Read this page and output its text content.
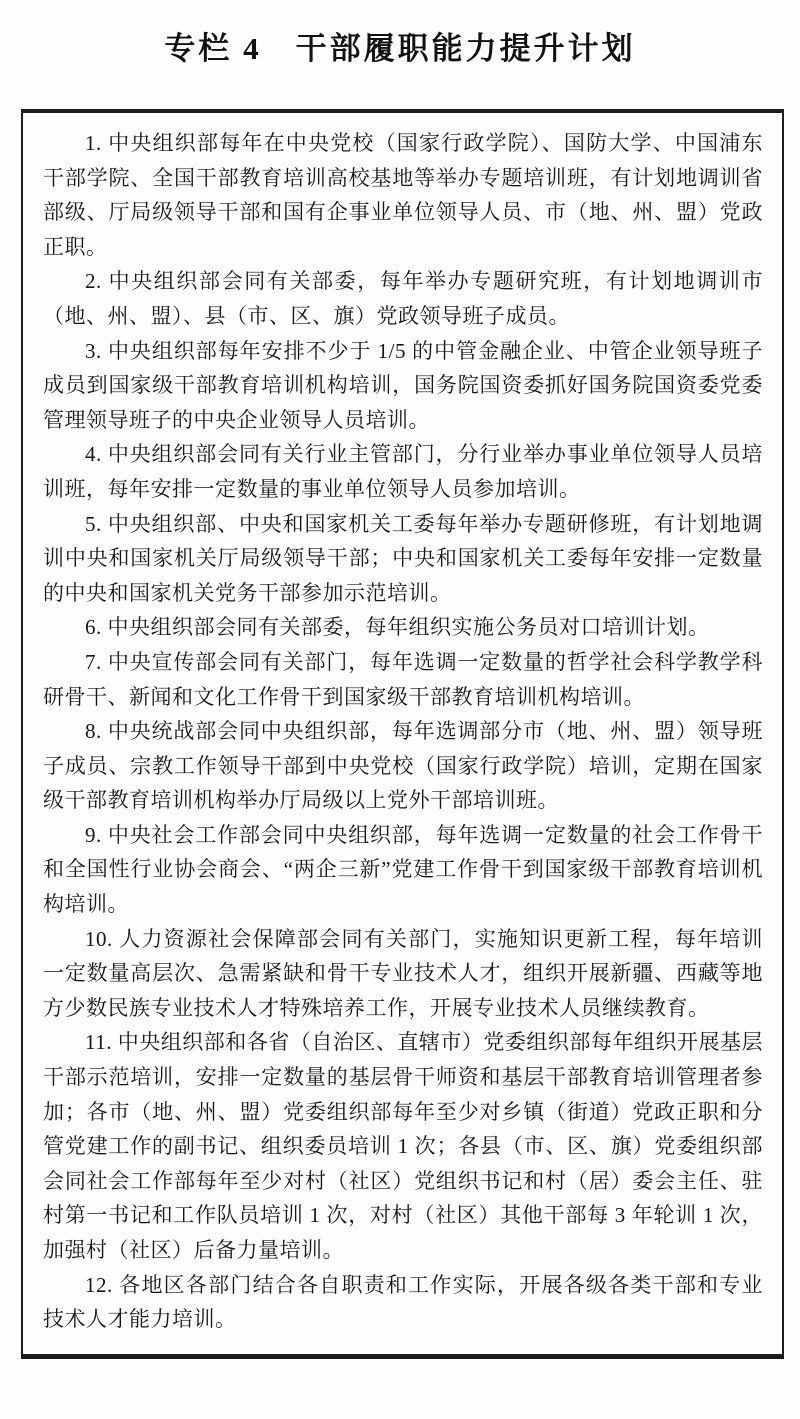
专栏 4　干部履职能力提升计划

1. 中央组织部每年在中央党校（国家行政学院）、国防大学、中国浦东干部学院、全国干部教育培训高校基地等举办专题培训班，有计划地调训省部级、厅局级领导干部和国有企事业单位领导人员、市（地、州、盟）党政正职。

2. 中央组织部会同有关部委，每年举办专题研究班，有计划地调训市（地、州、盟）、县（市、区、旗）党政领导班子成员。

3. 中央组织部每年安排不少于 1/5 的中管金融企业、中管企业领导班子成员到国家级干部教育培训机构培训，国务院国资委抓好国务院国资委党委管理领导班子的中央企业领导人员培训。

4. 中央组织部会同有关行业主管部门，分行业举办事业单位领导人员培训班，每年安排一定数量的事业单位领导人员参加培训。

5. 中央组织部、中央和国家机关工委每年举办专题研修班，有计划地调训中央和国家机关厅局级领导干部；中央和国家机关工委每年安排一定数量的中央和国家机关党务干部参加示范培训。

6. 中央组织部会同有关部委，每年组织实施公务员对口培训计划。

7. 中央宣传部会同有关部门，每年选调一定数量的哲学社会科学教学科研骨干、新闻和文化工作骨干到国家级干部教育培训机构培训。

8. 中央统战部会同中央组织部，每年选调部分市（地、州、盟）领导班子成员、宗教工作领导干部到中央党校（国家行政学院）培训，定期在国家级干部教育培训机构举办厅局级以上党外干部培训班。

9. 中央社会工作部会同中央组织部，每年选调一定数量的社会工作骨干和全国性行业协会商会、“两企三新”党建工作骨干到国家级干部教育培训机构培训。

10. 人力资源社会保障部会同有关部门，实施知识更新工程，每年培训一定数量高层次、急需紧缺和骨干专业技术人才，组织开展新疆、西藏等地方少数民族专业技术人才特殊培养工作，开展专业技术人员继续教育。

11. 中央组织部和各省（自治区、直辖市）党委组织部每年组织开展基层干部示范培训，安排一定数量的基层骨干师资和基层干部教育培训管理者参加；各市（地、州、盟）党委组织部每年至少对乡镇（街道）党政正职和分管党建工作的副书记、组织委员培训 1 次；各县（市、区、旗）党委组织部会同社会工作部每年至少对村（社区）党组织书记和村（居）委会主任、驻村第一书记和工作队员培训 1 次，对村（社区）其他干部每 3 年轮训 1 次，加强村（社区）后备力量培训。

12. 各地区各部门结合各自职责和工作实际，开展各级各类干部和专业技术人才能力培训。
